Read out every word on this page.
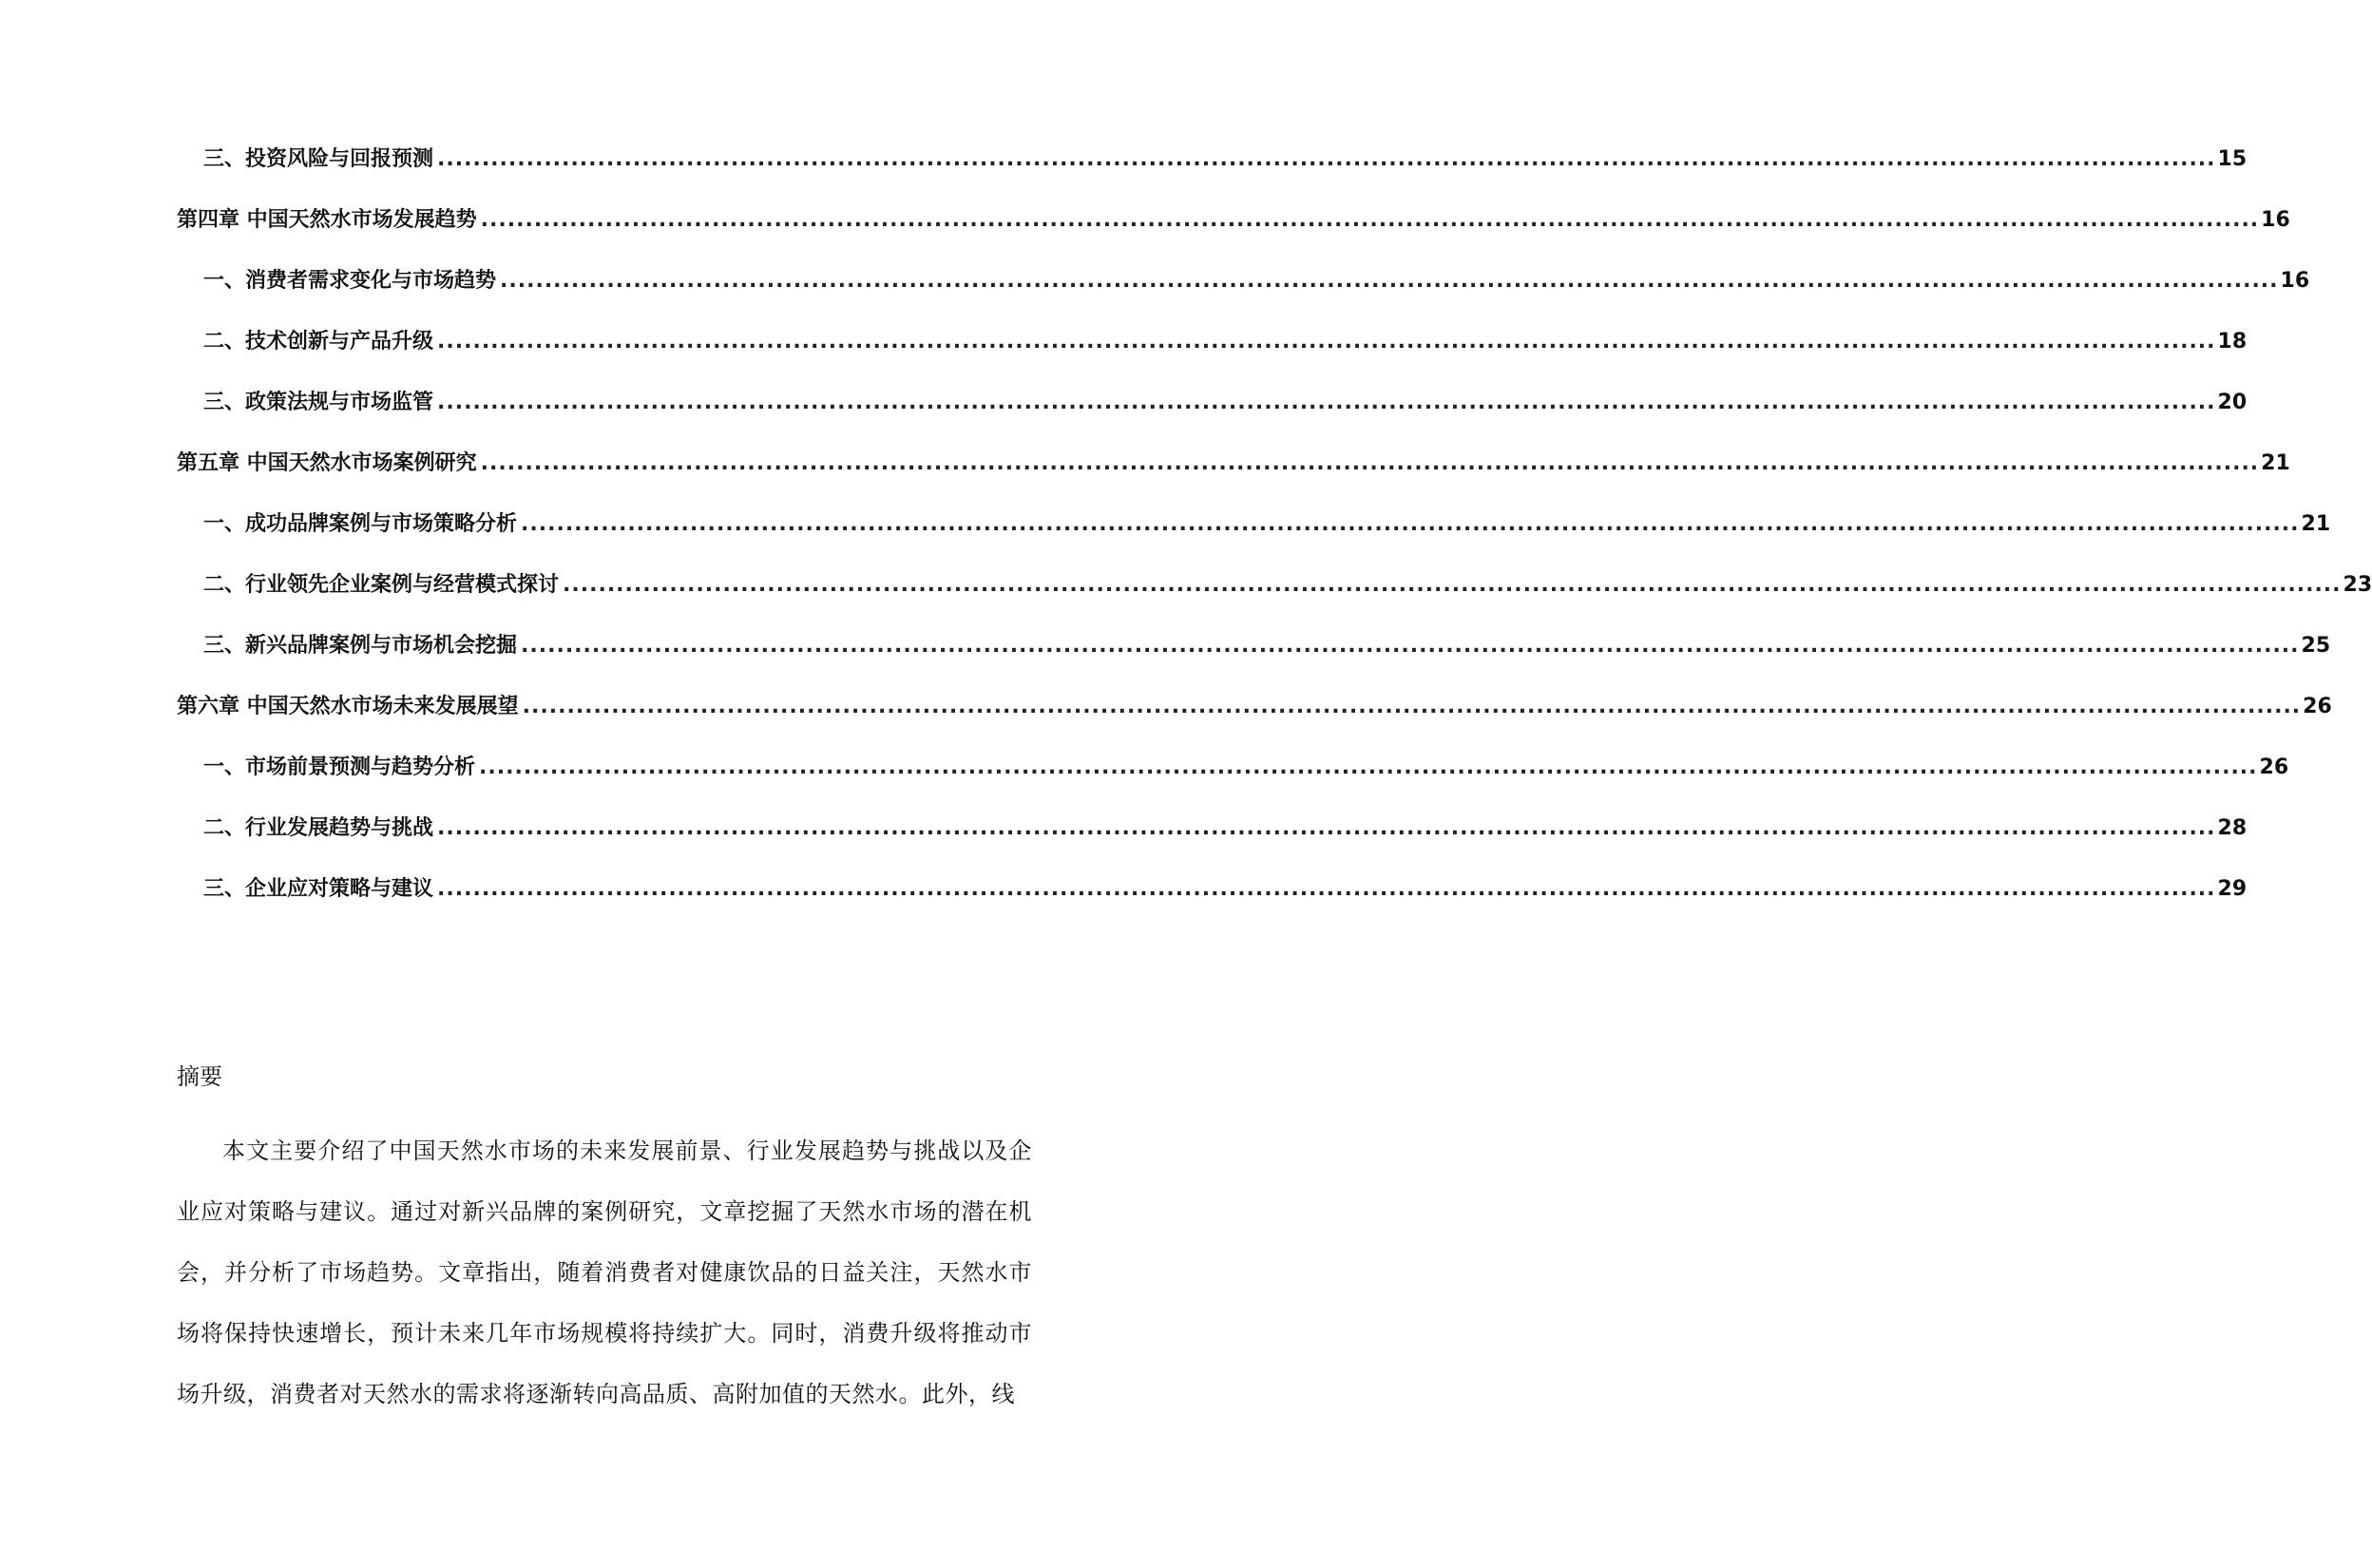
三、 投资风险与回报预测 ........................................................................................................................................................................................................ 15
第四章 中国天然水市场发展趋势 ........................................................................................................................................................................................................ 16
一、 消费者需求变化与市场趋势 ........................................................................................................................................................................................................ 16
二、 技术创新与产品升级 ........................................................................................................................................................................................................ 18
三、 政策法规与市场监管 ........................................................................................................................................................................................................ 20
第五章 中国天然水市场案例研究 ........................................................................................................................................................................................................ 21
一、 成功品牌案例与市场策略分析 ........................................................................................................................................................................................................ 21
二、 行业领先企业案例与经营模式探讨 ........................................................................................................................................................................................................ 23
三、 新兴品牌案例与市场机会挖掘 ........................................................................................................................................................................................................ 25
第六章 中国天然水市场未来发展展望 ........................................................................................................................................................................................................ 26
一、 市场前景预测与趋势分析 ........................................................................................................................................................................................................ 26
二、 行业发展趋势与挑战 ........................................................................................................................................................................................................ 28
三、 企业应对策略与建议 ........................................................................................................................................................................................................ 29
摘要

本文主要介绍了中国天然水市场的未来发展前景、行业发展趋势与挑战以及企业应对策略与建议。通过对新兴品牌的案例研究，文章挖掘了天然水市场的潜在机会，并分析了市场趋势。文章指出，随着消费者对健康饮品的日益关注，天然水市场将保持快速增长，预计未来几年市场规模将持续扩大。同时，消费升级将推动市场升级，消费者对天然水的需求将逐渐转向高品质、高附加值的天然水。此外，线
